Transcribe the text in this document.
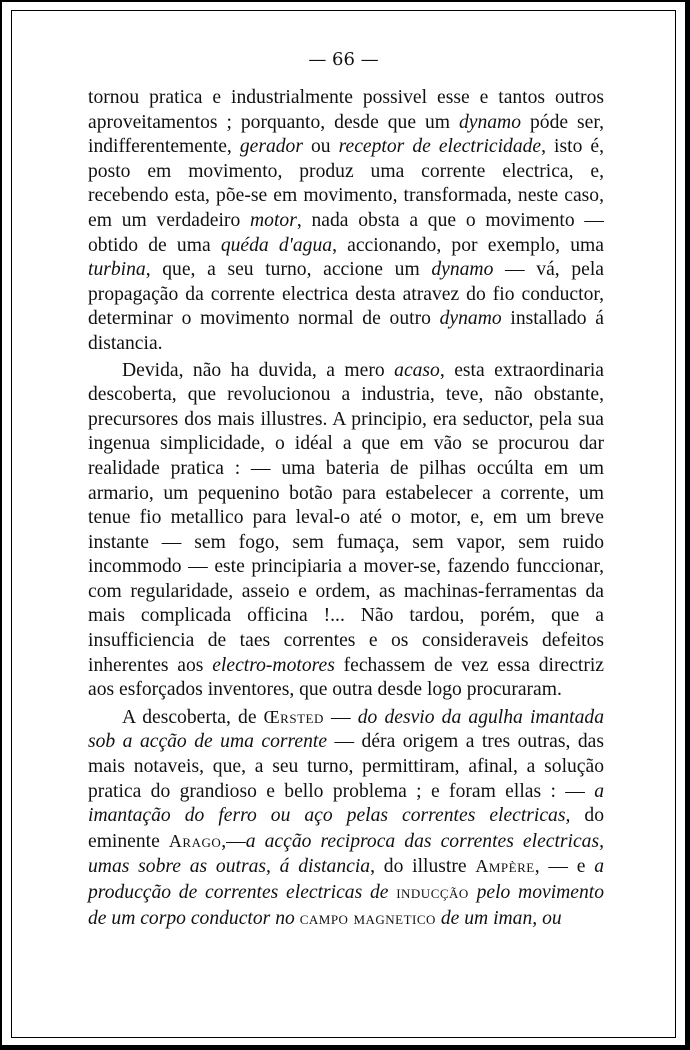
— 66 —

tornou pratica e industrialmente possivel esse e tantos outros aproveitamentos ; porquanto, desde que um dynamo póde ser, indifferentemente, gerador ou receptor de electricidade, isto é, posto em movimento, produz uma corrente electrica, e, recebendo esta, põe-se em movimento, transformada, neste caso, em um verdadeiro motor, nada obsta a que o movimento —obtido de uma quéda d'agua, accionando, por exemplo, uma turbina, que, a seu turno, accione um dynamo — vá, pela propagação da corrente electrica desta atravez do fio conductor, determinar o movimento normal de outro dynamo installado á distancia.

Devida, não ha duvida, a mero acaso, esta extraordinaria descoberta, que revolucionou a industria, teve, não obstante, precursores dos mais illustres. A principio, era seductor, pela sua ingenua simplicidade, o idéal a que em vão se procurou dar realidade pratica : — uma bateria de pilhas occúlta em um armario, um pequenino botão para estabelecer a corrente, um tenue fio metallico para leval-o até o motor, e, em um breve instante — sem fogo, sem fumaça, sem vapor, sem ruido incommodo — este principiaria a mover-se, fazendo funccionar, com regularidade, asseio e ordem, as machinas-ferramentas da mais complicada officina !... Não tardou, porém, que a insufficiencia de taes correntes e os consideraveis defeitos inherentes aos electro-motores fechassem de vez essa directriz aos esforçados inventores, que outra desde logo procuraram.

A descoberta, de Œrsted — do desvio da agulha imantada sob a acção de uma corrente — déra origem a tres outras, das mais notaveis, que, a seu turno, permittiram, afinal, a solução pratica do grandioso e bello problema ; e foram ellas : — a imantação do ferro ou aço pelas correntes electricas, do eminente Arago,—a acção reciproca das correntes electricas, umas sobre as outras, á distancia, do illustre Ampère, — e a producção de correntes electricas de inducção pelo movimento de um corpo conductor no campo magnetico de um iman, ou
